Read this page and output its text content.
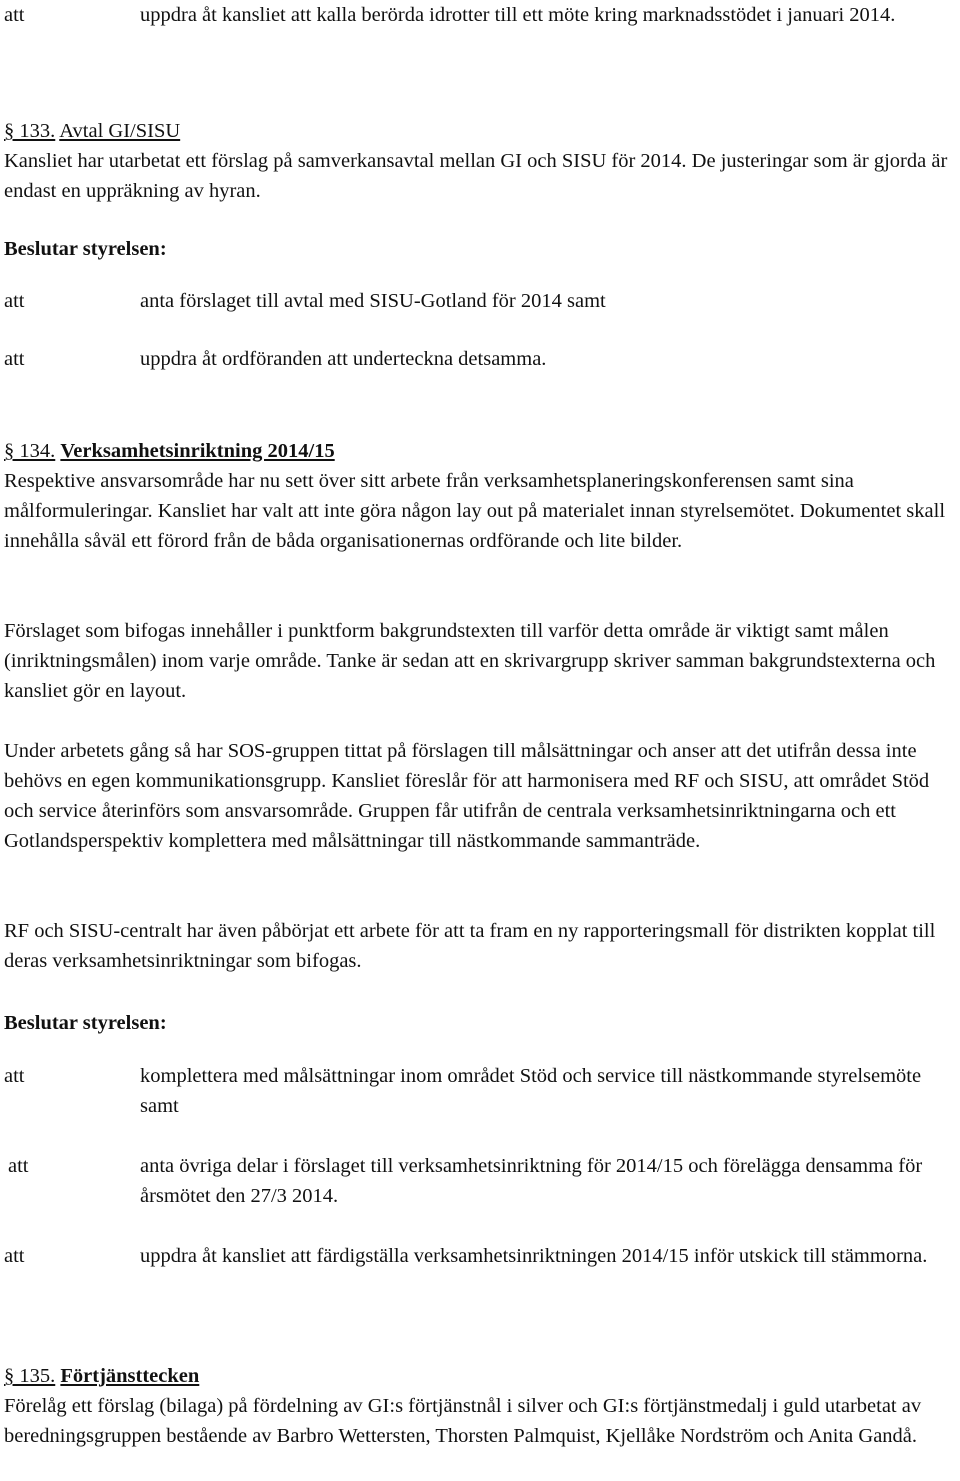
att	uppdra åt kansliet att kalla berörda idrotter till ett möte kring marknadsstödet i januari 2014.
§ 133. Avtal GI/SISU
Kansliet har utarbetat ett förslag på samverkansavtal mellan GI och SISU för 2014. De justeringar som är gjorda är endast en uppräkning av hyran.
Beslutar styrelsen:
att	anta förslaget till avtal med SISU-Gotland för 2014 samt
att	uppdra åt ordföranden att underteckna detsamma.
§ 134. Verksamhetsinriktning 2014/15
Respektive ansvarsområde har nu sett över sitt arbete från verksamhetsplaneringskonferensen samt sina målformuleringar. Kansliet har valt att inte göra någon lay out på materialet innan styrelsemötet. Dokumentet skall innehålla såväl ett förord från de båda organisationernas ordförande och lite bilder.
Förslaget som bifogas innehåller i punktform bakgrundstexten till varför detta område är viktigt samt målen (inriktningsmålen) inom varje område. Tanke är sedan att en skrivargrupp skriver samman bakgrundstexterna och kansliet gör en layout.
Under arbetets gång så har SOS-gruppen tittat på förslagen till målsättningar och anser att det utifrån dessa inte behövs en egen kommunikationsgrupp. Kansliet föreslår för att harmonisera med RF och SISU, att området Stöd och service återinförs som ansvarsområde. Gruppen får utifrån de centrala verksamhetsinriktningarna och ett Gotlandsperspektiv komplettera med målsättningar till nästkommande sammanträde.
RF och SISU-centralt har även påbörjat ett arbete för att ta fram en ny rapporteringsmall för distrikten kopplat till deras verksamhetsinriktningar som bifogas.
Beslutar styrelsen:
att	komplettera med målsättningar inom området Stöd och service till nästkommande styrelsemöte samt
att	anta övriga delar i förslaget till verksamhetsinriktning för 2014/15 och förelägga densamma för årsmötet den 27/3 2014.
att	uppdra åt kansliet att färdigställa verksamhetsinriktningen 2014/15 inför utskick till stämmorna.
§ 135. Förtjänsttecken
Förelåg ett förslag (bilaga) på fördelning av GI:s förtjänstnål i silver och GI:s förtjänstmedalj i guld utarbetat av beredningsgruppen bestående av Barbro Wettersten, Thorsten Palmquist, Kjellåke Nordström och Anita Gandå.
